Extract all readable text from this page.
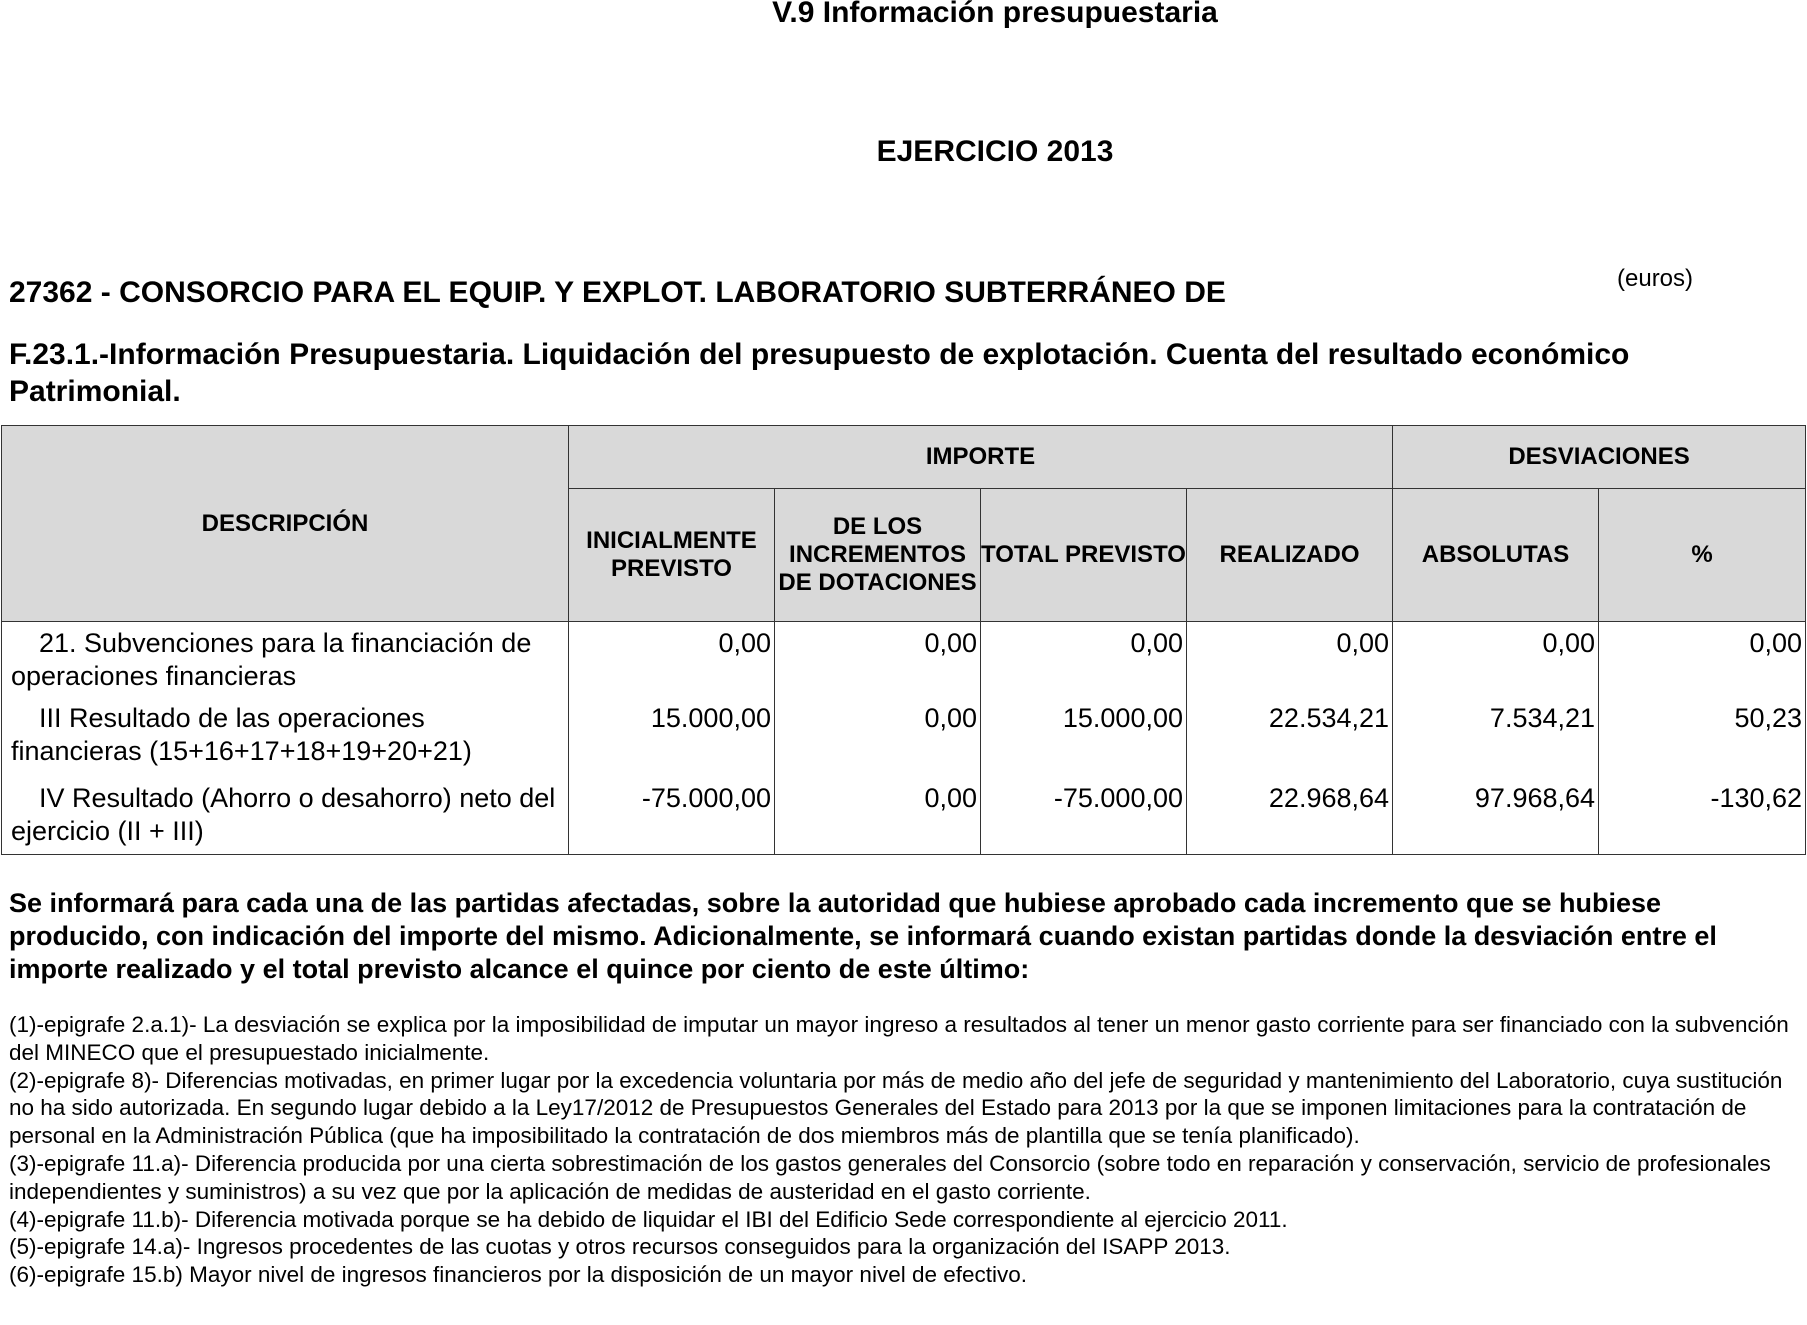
V.9 Información presupuestaria
EJERCICIO 2013
27362 - CONSORCIO PARA EL EQUIP. Y EXPLOT. LABORATORIO SUBTERRÁNEO DE	(euros)
F.23.1.-Información Presupuestaria. Liquidación del presupuesto de explotación. Cuenta del resultado económico Patrimonial.
DESCRIPCIÓN	IMPORTE				DESVIACIONES	
	INICIALMENTE PREVISTO	DE LOS INCREMENTOS DE DOTACIONES	TOTAL PREVISTO	REALIZADO	ABSOLUTAS	%
21. Subvenciones para la financiación de operaciones financieras	0,00	0,00	0,00	0,00	0,00	0,00
III Resultado de las operaciones financieras (15+16+17+18+19+20+21)	15.000,00	0,00	15.000,00	22.534,21	7.534,21	50,23
IV Resultado (Ahorro o desahorro) neto del ejercicio (II + III)	-75.000,00	0,00	-75.000,00	22.968,64	97.968,64	-130,62
Se informará para cada una de las partidas afectadas, sobre la autoridad que hubiese aprobado cada incremento que se hubiese producido, con indicación del importe del mismo. Adicionalmente, se informará cuando existan partidas donde la desviación entre el importe realizado y el total previsto alcance el quince por ciento de este último:

(1)-epigrafe 2.a.1)- La desviación se explica por la imposibilidad de imputar un mayor ingreso a resultados al tener un menor gasto corriente para ser financiado con la subvención del MINECO que el presupuestado inicialmente.

(2)-epigrafe 8)- Diferencias motivadas, en primer lugar por la excedencia voluntaria por más de medio año del jefe de seguridad y mantenimiento del Laboratorio, cuya sustitución no ha sido autorizada. En segundo lugar debido a la Ley17/2012 de Presupuestos Generales del Estado para 2013 por la que se imponen limitaciones para la contratación de personal en la Administración Pública (que ha imposibilitado la contratación de dos miembros más de plantilla que se tenía planificado).

(3)-epigrafe 11.a)- Diferencia producida por una cierta sobrestimación de los gastos generales del Consorcio (sobre todo en reparación y conservación, servicio de profesionales independientes y suministros) a su vez que por la aplicación de medidas de austeridad en el gasto corriente.

(4)-epigrafe 11.b)- Diferencia motivada porque se ha debido de liquidar el IBI del Edificio Sede correspondiente al ejercicio 2011.

(5)-epigrafe 14.a)- Ingresos procedentes de las cuotas y otros recursos conseguidos para la organización del ISAPP 2013.

(6)-epigrafe 15.b) Mayor nivel de ingresos financieros por la disposición de un mayor nivel de efectivo.
